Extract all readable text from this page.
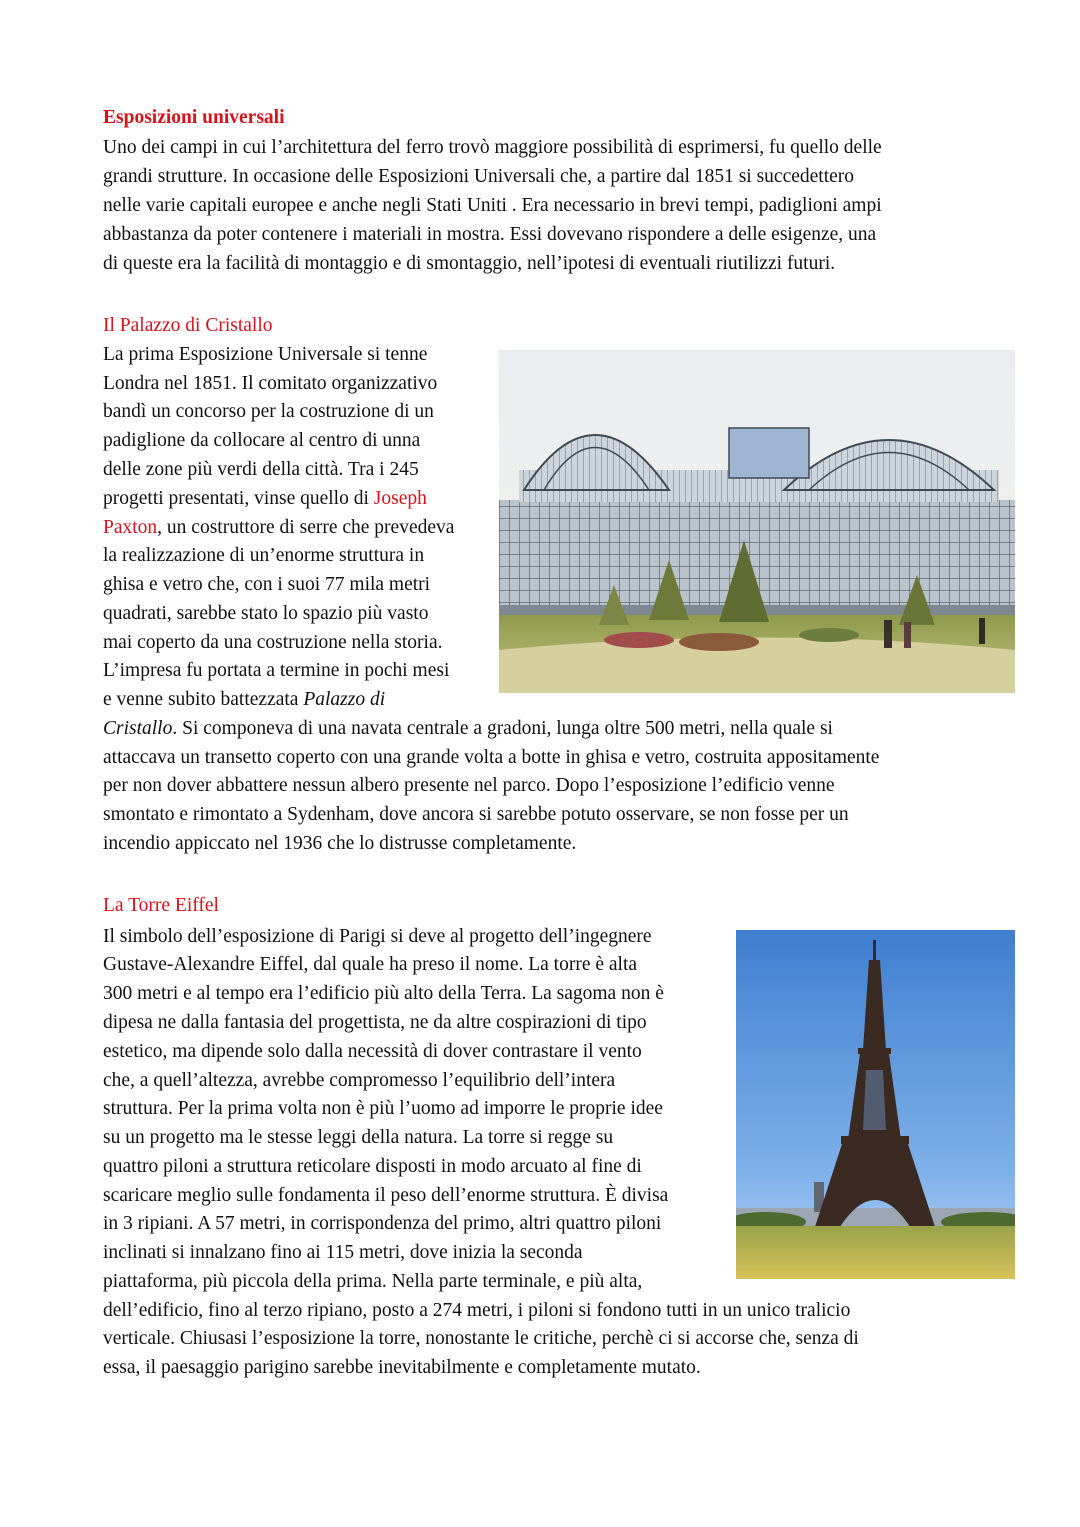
Esposizioni universali
Uno dei campi in cui l’architettura del ferro trovò maggiore possibilità di esprimersi, fu quello delle
grandi strutture. In occasione delle Esposizioni Universali che, a partire dal 1851 si succedettero
nelle varie capitali europee e anche negli Stati Uniti . Era necessario in brevi tempi, padiglioni ampi
abbastanza da poter contenere i materiali in mostra. Essi dovevano rispondere a delle esigenze, una
di queste era la facilità di montaggio e di smontaggio, nell’ipotesi di eventuali riutilizzi futuri.
Il Palazzo di Cristallo
La prima Esposizione Universale si tenne
Londra nel 1851. Il comitato organizzativo
bandì un concorso per la costruzione di un
padiglione da collocare al centro di unna
delle zone più verdi della città. Tra i 245
progetti presentati, vinse quello di Joseph
Paxton, un costruttore di serre che prevedeva
la realizzazione di un’enorme struttura in
ghisa e vetro che, con i suoi 77 mila metri
quadrati, sarebbe stato lo spazio più vasto
mai coperto da una costruzione nella storia.
L’impresa fu portata a termine in pochi mesi
e venne subito battezzata Palazzo di
Cristallo. Si componeva di una navata centrale a gradoni, lunga oltre 500 metri, nella quale si
attaccava un transetto coperto con una grande volta a botte in ghisa e vetro, costruita appositamente
per non dover abbattere nessun albero presente nel parco. Dopo l’esposizione l’edificio venne
smontato e rimontato a Sydenham, dove ancora si sarebbe potuto osservare, se non fosse per un
incendio appiccato nel 1936 che lo distrusse completamente.
La Torre Eiffel
Il simbolo dell’esposizione di Parigi si deve al progetto dell’ingegnere
Gustave-Alexandre Eiffel, dal quale ha preso il nome. La torre è alta
300 metri e al tempo era l’edificio più alto della Terra. La sagoma non è
dipesa ne dalla fantasia del progettista, ne da altre cospirazioni di tipo
estetico, ma dipende solo dalla necessità di dover contrastare il vento
che, a quell’altezza, avrebbe compromesso l’equilibrio dell’intera
struttura. Per la prima volta non è più l’uomo ad imporre le proprie idee
su un progetto ma le stesse leggi della natura. La torre si regge su
quattro piloni a struttura reticolare disposti in modo arcuato al fine di
scaricare meglio sulle fondamenta il peso dell’enorme struttura. È divisa
in 3 ripiani. A 57 metri, in corrispondenza del primo, altri quattro piloni
inclinati si innalzano fino ai 115 metri, dove inizia la seconda
piattaforma, più piccola della prima. Nella parte terminale, e più alta,
dell’edificio, fino al terzo ripiano, posto a 274 metri, i piloni si fondono tutti in un unico tralicio
verticale. Chiusasi l’esposizione la torre, nonostante le critiche, perchè ci si accorse che, senza di
essa, il paesaggio parigino sarebbe inevitabilmente e completamente mutato.
